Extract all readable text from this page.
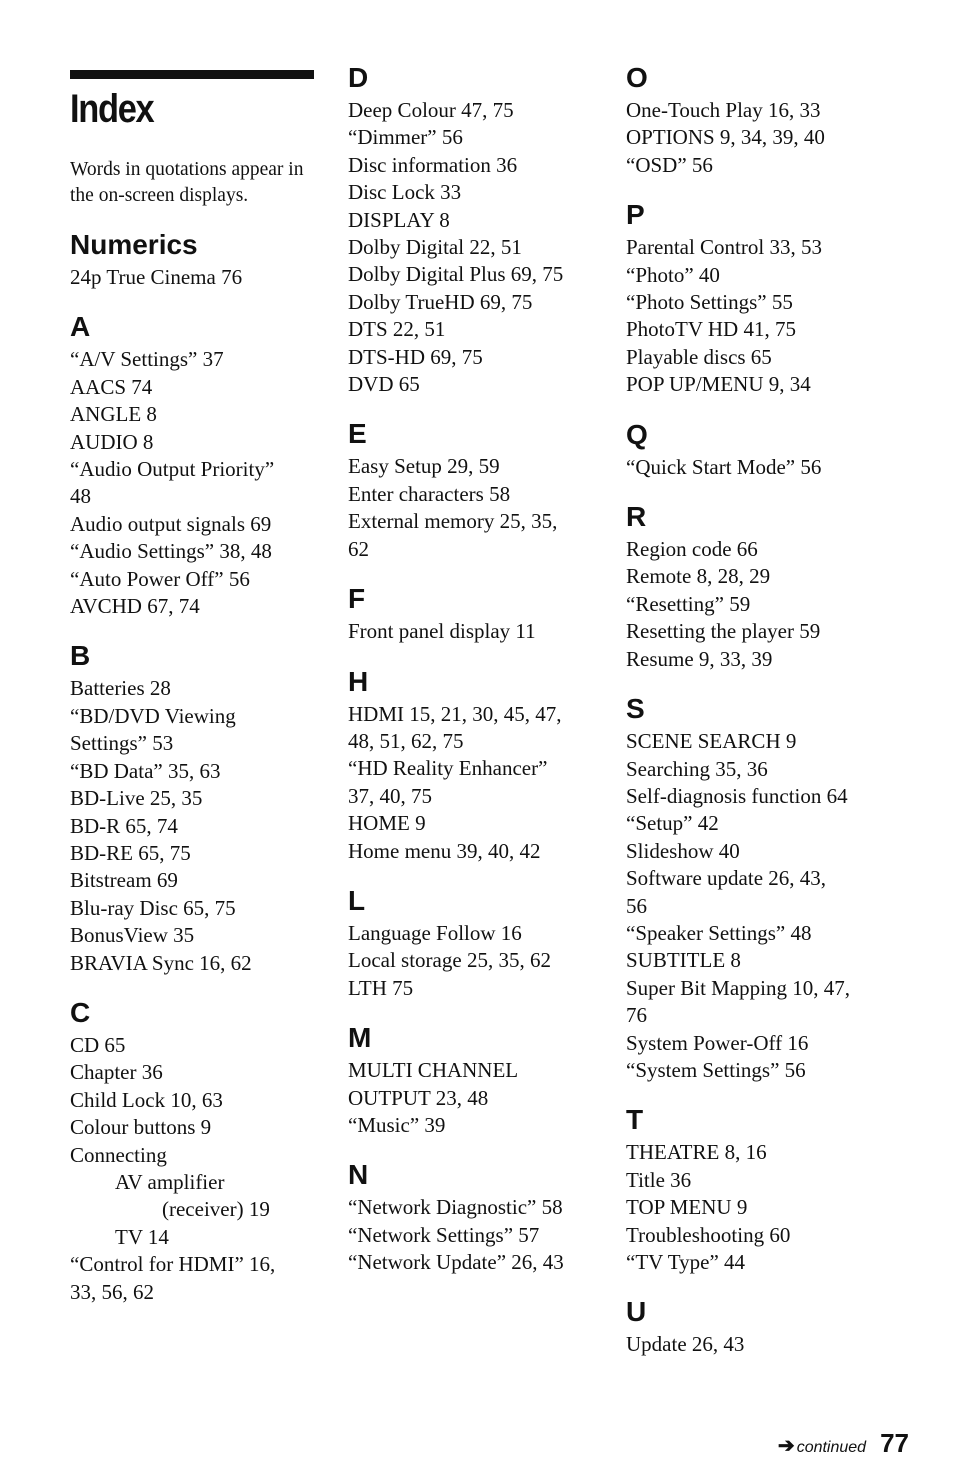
Index
Words in quotations appear in the on-screen displays.
Numerics
24p True Cinema 76
A
“A/V Settings” 37
AACS 74
ANGLE 8
AUDIO 8
“Audio Output Priority”
48
Audio output signals 69
“Audio Settings” 38, 48
“Auto Power Off” 56
AVCHD 67, 74
B
Batteries 28
“BD/DVD Viewing
Settings” 53
“BD Data” 35, 63
BD-Live 25, 35
BD-R 65, 74
BD-RE 65, 75
Bitstream 69
Blu-ray Disc 65, 75
BonusView 35
BRAVIA Sync 16, 62
C
CD 65
Chapter 36
Child Lock 10, 63
Colour buttons 9
Connecting
AV amplifier
(receiver) 19
TV 14
“Control for HDMI” 16,
33, 56, 62
D
Deep Colour 47, 75
“Dimmer” 56
Disc information 36
Disc Lock 33
DISPLAY 8
Dolby Digital 22, 51
Dolby Digital Plus 69, 75
Dolby TrueHD 69, 75
DTS 22, 51
DTS-HD 69, 75
DVD 65
E
Easy Setup 29, 59
Enter characters 58
External memory 25, 35,
62
F
Front panel display 11
H
HDMI 15, 21, 30, 45, 47,
48, 51, 62, 75
“HD Reality Enhancer”
37, 40, 75
HOME 9
Home menu 39, 40, 42
L
Language Follow 16
Local storage 25, 35, 62
LTH 75
M
MULTI CHANNEL
OUTPUT 23, 48
“Music” 39
N
“Network Diagnostic” 58
“Network Settings” 57
“Network Update” 26, 43
O
One-Touch Play 16, 33
OPTIONS 9, 34, 39, 40
“OSD” 56
P
Parental Control 33, 53
“Photo” 40
“Photo Settings” 55
PhotoTV HD 41, 75
Playable discs 65
POP UP/MENU 9, 34
Q
“Quick Start Mode” 56
R
Region code 66
Remote 8, 28, 29
“Resetting” 59
Resetting the player 59
Resume 9, 33, 39
S
SCENE SEARCH 9
Searching 35, 36
Self-diagnosis function 64
“Setup” 42
Slideshow 40
Software update 26, 43,
56
“Speaker Settings” 48
SUBTITLE 8
Super Bit Mapping 10, 47,
76
System Power-Off 16
“System Settings” 56
T
THEATRE 8, 16
Title 36
TOP MENU 9
Troubleshooting 60
“TV Type” 44
U
Update 26, 43
➔ continued 77
